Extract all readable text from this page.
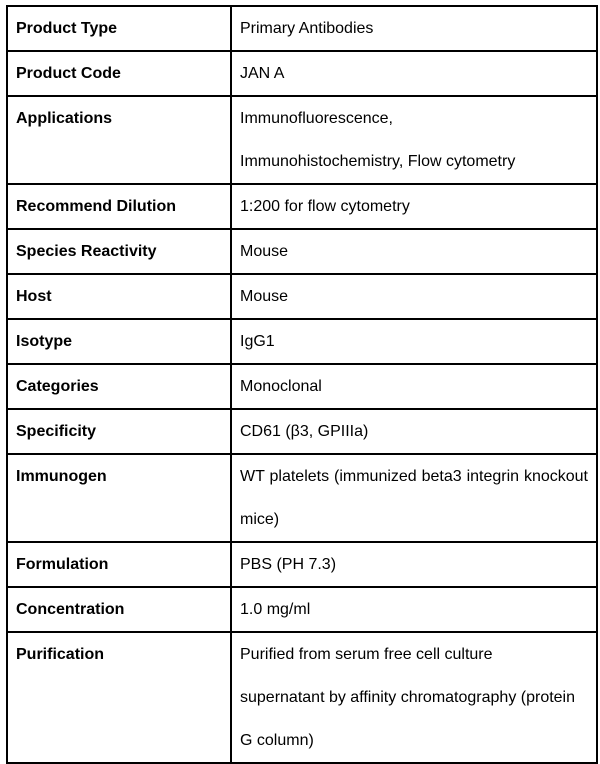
Product Type	Primary Antibodies
Product Code	JAN A
Applications	Immunofluorescence, Immunohistochemistry, Flow cytometry
Recommend Dilution	1:200 for flow cytometry
Species Reactivity	Mouse
Host	Mouse
Isotype	IgG1
Categories	Monoclonal
Specificity	CD61 (β3, GPIIIa)
Immunogen	WT platelets (immunized beta3 integrin knockout mice)
Formulation	PBS (PH 7.3)
Concentration	1.0 mg/ml
Purification	Purified from serum free cell culture supernatant by affinity chromatography (protein G column)
